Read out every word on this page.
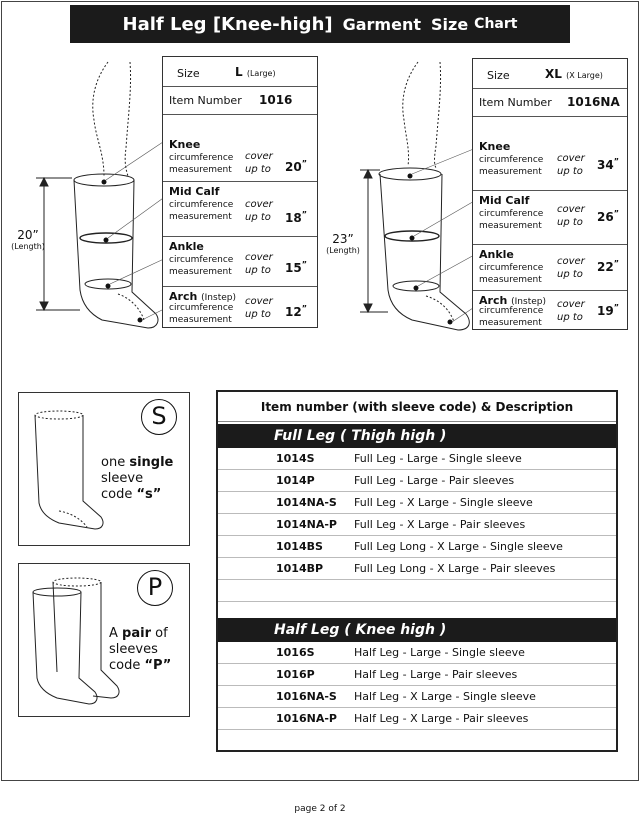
Half Leg [Knee-high] Garment Size Chart
20”
(Length)
Size	L (Large)
Item Number 1016
Knee
circumference
measurement
cover
up to 20”
Mid Calf
circumference
measurement
cover
up to 18”
Ankle
circumference
measurement
cover
up to 15”
Arch (Instep)
circumference
measurement
cover
up to 12”
23”
(Length)
Size	XL (X Large)
Item Number 1016NA
Knee
circumference
measurement
cover
up to 34”
Mid Calf
circumference
measurement
cover
up to 26”
Ankle
circumference
measurement
cover
up to
22”
Arch (Instep)
circumference
measurement
cover
up to 19”
S
one single
sleeve
code “s”
P
A pair of
sleeves
code “P”
Item number (with sleeve code) & Description
Full Leg ( Thigh high )
1014S	Full Leg - Large - Single sleeve
1014P	Full Leg - Large - Pair sleeves
1014NA-S Full Leg - X Large - Single sleeve
1014NA-P Full Leg - X Large - Pair sleeves
1014BS	Full Leg Long - X Large - Single sleeve
1014BP	Full Leg Long - X Large - Pair sleeves
Half Leg ( Knee high )
1016S	Half Leg - Large - Single sleeve
1016P	Half Leg - Large - Pair sleeves
1016NA-S Half Leg - X Large - Single sleeve
1016NA-P Half Leg - X Large - Pair sleeves
page 2 of 2
